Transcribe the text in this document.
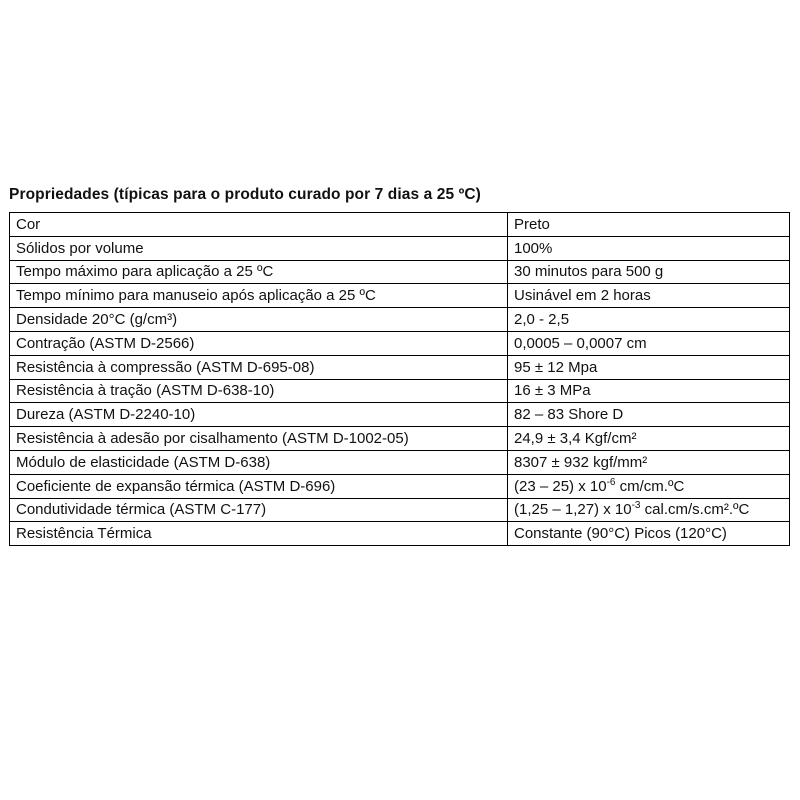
Propriedades (típicas para o produto curado por 7 dias a 25 ºC)
Cor	Preto
Sólidos por volume	100%
Tempo máximo para aplicação a 25 ºC	30 minutos para 500 g
Tempo mínimo para manuseio após aplicação a 25 ºC	Usinável em 2 horas
Densidade 20°C (g/cm³)	2,0 - 2,5
Contração (ASTM D-2566)	0,0005 – 0,0007 cm
Resistência à compressão (ASTM D-695-08)	95 ± 12 Mpa
Resistência à tração (ASTM D-638-10)	16 ± 3 MPa
Dureza (ASTM D-2240-10)	82 – 83 Shore D
Resistência à adesão por cisalhamento (ASTM D-1002-05)	24,9 ± 3,4 Kgf/cm²
Módulo de elasticidade (ASTM D-638)	8307 ± 932 kgf/mm²
Coeficiente de expansão térmica (ASTM D-696)	(23 – 25) x $10^{-6}$ cm/cm.ºC
Condutividade térmica (ASTM C-177)	(1,25 – 1,27) x $10^{-3}$ cal.cm/s.cm².ºC
Resistência Térmica	Constante (90°C) Picos (120°C)
